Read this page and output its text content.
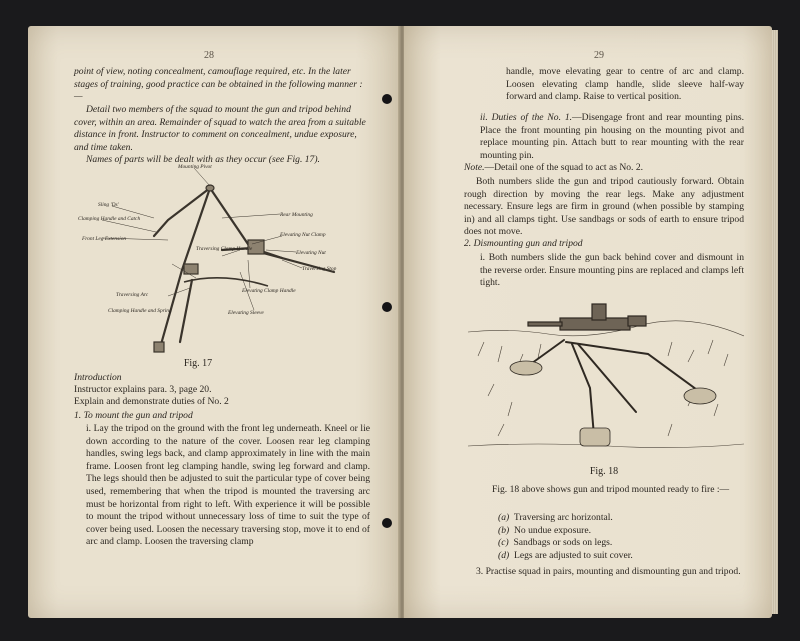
28
point of view, noting concealment, camouflage required, etc. In the later stages of training, good practice can be obtained in the following manner :—
Detail two members of the squad to mount the gun and tripod behind cover, within an area. Remainder of squad to watch the area from a suitable distance in front. Instructor to comment on concealment, undue exposure, and time taken.
Names of parts will be dealt with as they occur (see Fig. 17).
Mounting Pivot
Sling 'Ds'
Clamping Handle and Catch
Front Leg Extension
Rear Mounting
Elevating Nut Clamp
Traversing Clamp Handle
Elevating Nut
Traversing Arc
Traversing Stop
Elevating Clamp Handle
Clamping Handle and Spring	Elevating Sleeve
Fig. 17
Introduction
Instructor explains para. 3, page 20.
Explain and demonstrate duties of No. 2
1. To mount the gun and tripod
i. Lay the tripod on the ground with the front leg underneath. Kneel or lie down according to the nature of the cover. Loosen rear leg clamping handles, swing legs back, and clamp approximately in line with the main frame. Loosen front leg clamping handle, swing leg forward and clamp. The legs should then be adjusted to suit the particular type of cover being used, remembering that when the tripod is mounted the traversing arc must be horizontal from right to left. With experience it will be possible to mount the tripod without unnecessary loss of time to suit the type of cover being used. Loosen the necessary traversing stop, move it to end of arc and clamp. Loosen the traversing clamp
29
handle, move elevating gear to centre of arc and clamp. Loosen elevating clamp handle, slide sleeve half-way forward and clamp. Raise to vertical position.
ii. Duties of the No. 1.—Disengage front and rear mounting pins. Place the front mounting pin housing on the mounting pivot and replace mounting pin. Attach butt to rear mounting with the rear mounting pin.
Note.—Detail one of the squad to act as No. 2.
Both numbers slide the gun and tripod cautiously forward. Obtain rough direction by moving the rear legs. Make any adjustment necessary. Ensure legs are firm in ground (when possible by stamping in) and all clamps tight. Use sandbags or sods of earth to ensure tripod does not move.
2. Dismounting gun and tripod
i. Both numbers slide the gun back behind cover and dismount in the reverse order. Ensure mounting pins are replaced and clamps left tight.
Fig. 18
Fig. 18 above shows gun and tripod mounted ready to fire :—
(a) Traversing arc horizontal.
(b) No undue exposure.
(c) Sandbags or sods on legs.
(d) Legs are adjusted to suit cover.
3. Practise squad in pairs, mounting and dismounting gun and tripod.
